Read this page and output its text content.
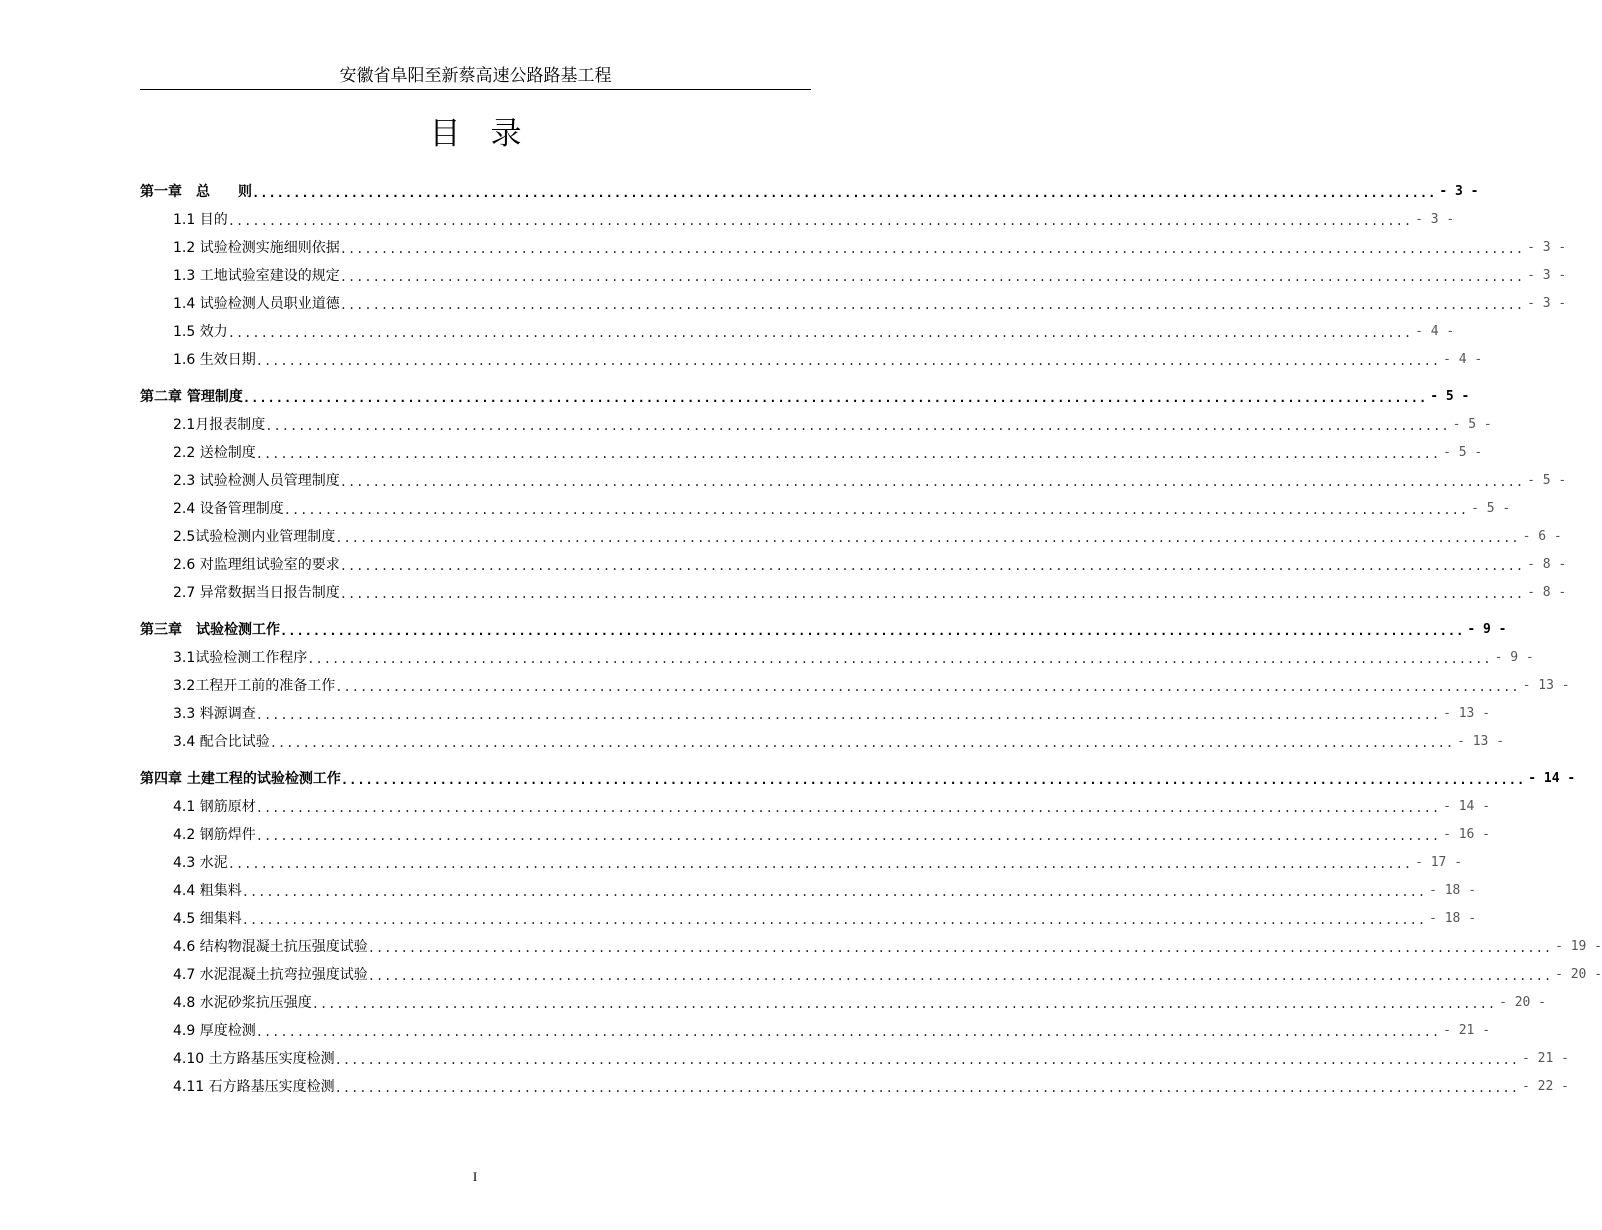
安徽省阜阳至新蔡高速公路路基工程
目录
第一章　总　　则 ................................................................................................................................................ - 3 -
1.1 目的 ................................................................................................................................................ - 3 -
1.2 试验检测实施细则依据 ................................................................................................................................................ - 3 -
1.3 工地试验室建设的规定 ................................................................................................................................................ - 3 -
1.4 试验检测人员职业道德 ................................................................................................................................................ - 3 -
1.5 效力 ................................................................................................................................................ - 4 -
1.6 生效日期 ................................................................................................................................................ - 4 -
第二章 管理制度 ................................................................................................................................................ - 5 -
2.1月报表制度 ................................................................................................................................................ - 5 -
2.2 送检制度 ................................................................................................................................................ - 5 -
2.3 试验检测人员管理制度 ................................................................................................................................................ - 5 -
2.4 设备管理制度 ................................................................................................................................................ - 5 -
2.5试验检测内业管理制度 ................................................................................................................................................ - 6 -
2.6 对监理组试验室的要求 ................................................................................................................................................ - 8 -
2.7 异常数据当日报告制度 ................................................................................................................................................ - 8 -
第三章　试验检测工作 ................................................................................................................................................ - 9 -
3.1试验检测工作程序 ................................................................................................................................................ - 9 -
3.2工程开工前的准备工作 ................................................................................................................................................ - 13 -
3.3 料源调查 ................................................................................................................................................ - 13 -
3.4 配合比试验 ................................................................................................................................................ - 13 -
第四章 土建工程的试验检测工作 ................................................................................................................................................ - 14 -
4.1 钢筋原材 ................................................................................................................................................ - 14 -
4.2 钢筋焊件 ................................................................................................................................................ - 16 -
4.3 水泥 ................................................................................................................................................ - 17 -
4.4 粗集料 ................................................................................................................................................ - 18 -
4.5 细集料 ................................................................................................................................................ - 18 -
4.6 结构物混凝土抗压强度试验 ................................................................................................................................................ - 19 -
4.7 水泥混凝土抗弯拉强度试验 ................................................................................................................................................ - 20 -
4.8 水泥砂浆抗压强度 ................................................................................................................................................ - 20 -
4.9 厚度检测 ................................................................................................................................................ - 21 -
4.10 土方路基压实度检测 ................................................................................................................................................ - 21 -
4.11 石方路基压实度检测 ................................................................................................................................................ - 22 -
I
